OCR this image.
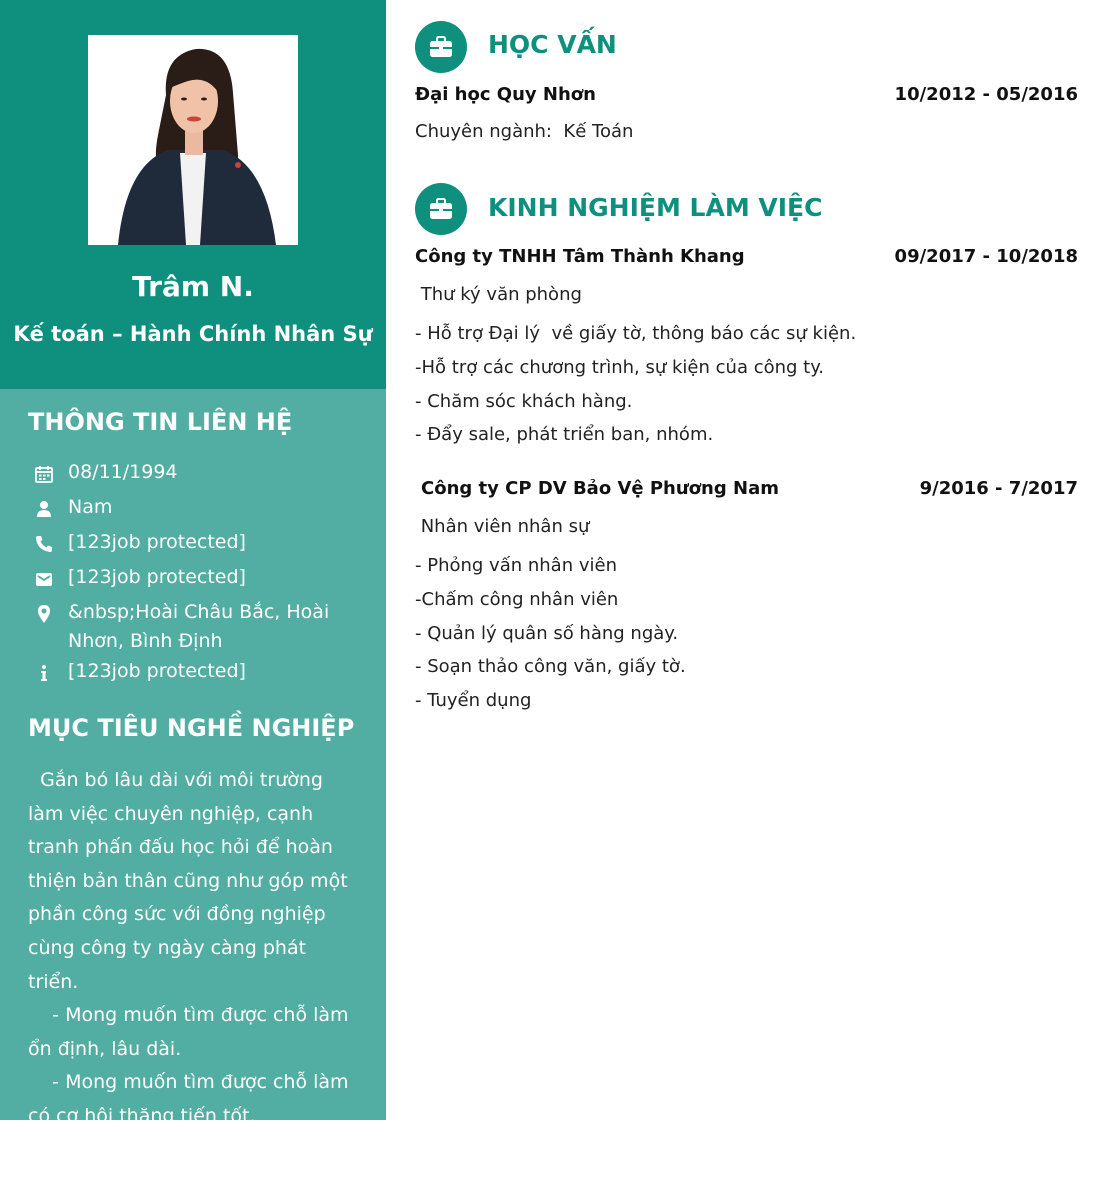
Trâm N.
Kế toán – Hành Chính Nhân Sự
THÔNG TIN LIÊN HỆ
08/11/1994
Nam
[123job protected]
[123job protected]
&nbsp;Hoài Châu Bắc, Hoài Nhơn, Bình Định
[123job protected]
MỤC TIÊU NGHỀ NGHIỆP
Gắn bó lâu dài với môi trường làm việc chuyên nghiệp, cạnh tranh phấn đấu học hỏi để hoàn thiện bản thân cũng như góp một phần công sức với đồng nghiệp cùng công ty ngày càng phát triển.
- Mong muốn tìm được chỗ làm ổn định, lâu dài.
- Mong muốn tìm được chỗ làm  có cơ hội thăng tiến tốt.
- Mong muốn tìm được chỗ làm có
HỌC VẤN
Đại học Quy Nhơn	10/2012 - 05/2016
Chuyên ngành:  Kế Toán
KINH NGHIỆM LÀM VIỆC
Công ty TNHH Tâm Thành Khang	09/2017 - 10/2018
Thư ký văn phòng
- Hỗ trợ Đại lý  về giấy tờ, thông báo các sự kiện.
-Hỗ trợ các chương trình, sự kiện của công ty.
- Chăm sóc khách hàng.
- Đẩy sale, phát triển ban, nhóm.
Công ty CP DV Bảo Vệ Phương Nam	9/2016 - 7/2017
Nhân viên nhân sự
- Phỏng vấn nhân viên
-Chấm công nhân viên
- Quản lý quân số hàng ngày.
- Soạn thảo công văn, giấy tờ.
- Tuyển dụng
